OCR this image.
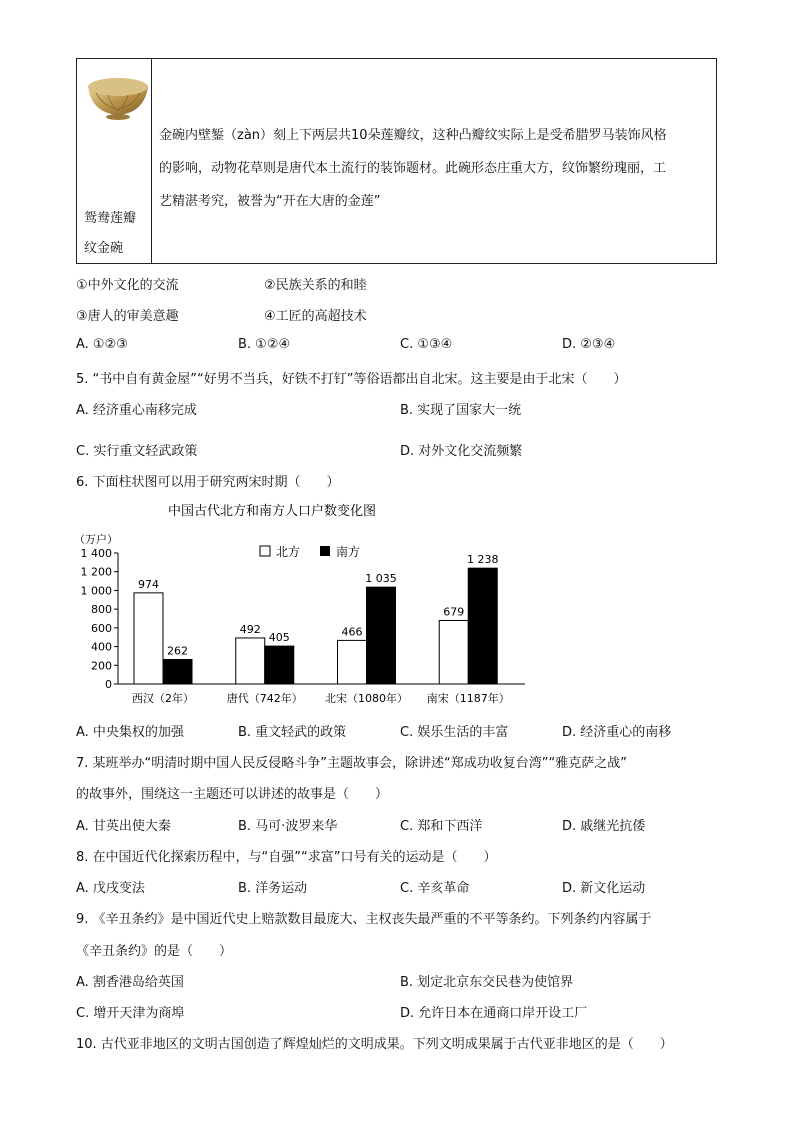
鸳鸯莲瓣
纹金碗
金碗内壁錾（zàn）刻上下两层共10朵莲瓣纹，这种凸瓣纹实际上是受希腊罗马装饰风格
的影响，动物花草则是唐代本土流行的装饰题材。此碗形态庄重大方，纹饰繁纷瑰丽，工
艺精湛考究，被誉为“开在大唐的金莲”
①中外文化的交流	②民族关系的和睦
③唐人的审美意趣	④工匠的高超技术
A. ①②③	B. ①②④	C. ①③④	D. ②③④
5. “书中自有黄金屋”“好男不当兵，好铁不打钉”等俗语都出自北宋。这主要是由于北宋（　　）
A. 经济重心南移完成	B. 实现了国家大一统
C. 实行重文轻武政策	D. 对外文化交流频繁
6. 下面柱状图可以用于研究两宋时期（　　）
中国古代北方和南方人口户数变化图
（万户）
北方	南方
0
200
400
600
800
1 000
1 200
1 400
西汉（2年）	唐代（742年） 北宋（1080年） 南宋（1187年）
974
262
492
405	466
1 035
679
1 238
A. 中央集权的加强	B. 重文轻武的政策	C. 娱乐生活的丰富	D. 经济重心的南移
7. 某班举办“明清时期中国人民反侵略斗争”主题故事会，除讲述“郑成功收复台湾”“雅克萨之战”
的故事外，围绕这一主题还可以讲述的故事是（　　）
A. 甘英出使大秦	B. 马可·波罗来华	C. 郑和下西洋	D. 戚继光抗倭
8. 在中国近代化探索历程中，与“自强”“求富”口号有关的运动是（　　）
A. 戊戌变法	B. 洋务运动	C. 辛亥革命	D. 新文化运动
9. 《辛丑条约》是中国近代史上赔款数目最庞大、主权丧失最严重的不平等条约。下列条约内容属于
《辛丑条约》的是（　　）
A. 割香港岛给英国	B. 划定北京东交民巷为使馆界
C. 增开天津为商埠	D. 允许日本在通商口岸开设工厂
10. 古代亚非地区的文明古国创造了辉煌灿烂的文明成果。下列文明成果属于古代亚非地区的是（　　）
